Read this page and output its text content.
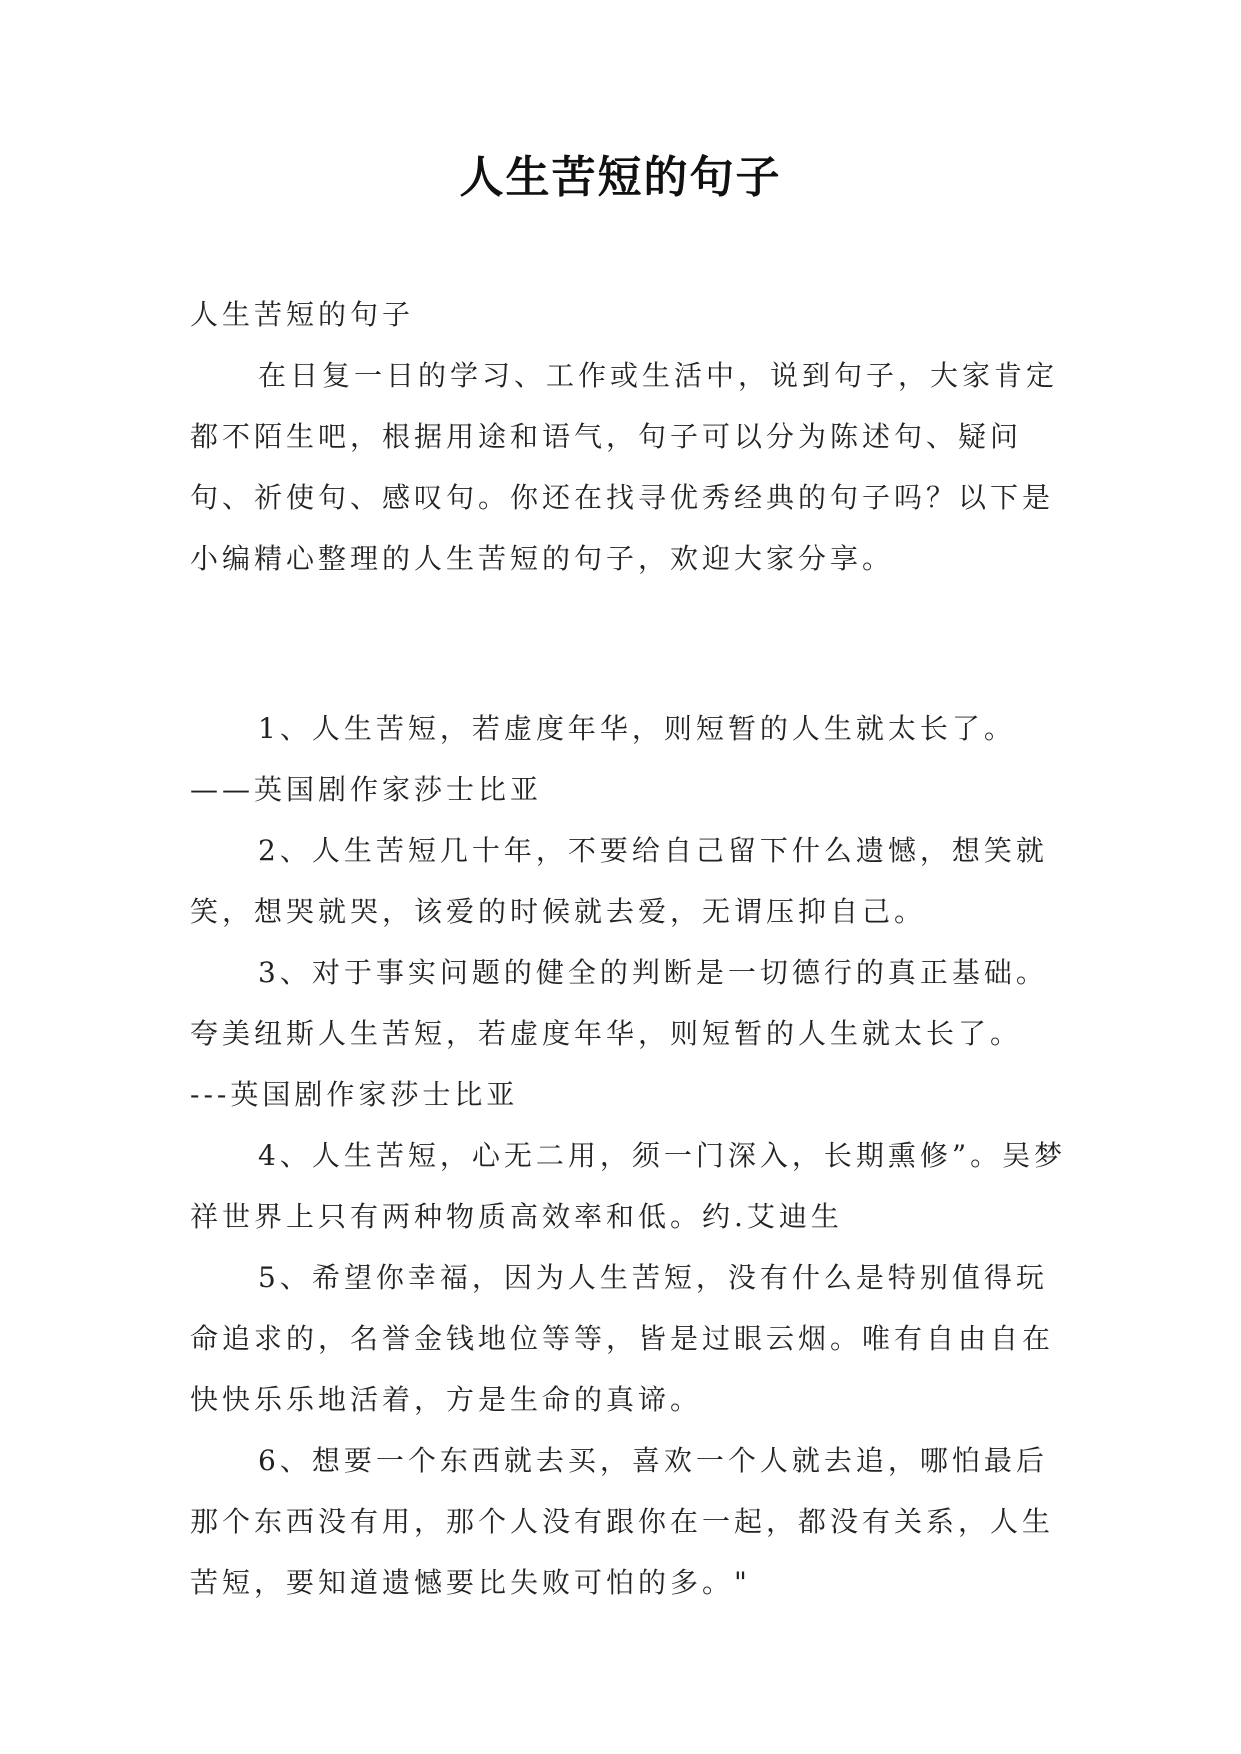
人生苦短的句子
人生苦短的句子

在日复一日的学习、工作或生活中，说到句子，大家肯定都不陌生吧，根据用途和语气，句子可以分为陈述句、疑问句、祈使句、感叹句。你还在找寻优秀经典的句子吗？以下是小编精心整理的人生苦短的句子，欢迎大家分享。

1、人生苦短，若虚度年华，则短暂的人生就太长了。
——英国剧作家莎士比亚

2、人生苦短几十年，不要给自己留下什么遗憾，想笑就笑，想哭就哭，该爱的时候就去爱，无谓压抑自己。

3、对于事实问题的健全的判断是一切德行的真正基础。夸美纽斯人生苦短，若虚度年华，则短暂的人生就太长了。
---英国剧作家莎士比亚

4、人生苦短，心无二用，须一门深入，长期熏修”。吴梦祥世界上只有两种物质高效率和低。约.艾迪生

5、希望你幸福，因为人生苦短，没有什么是特别值得玩命追求的，名誉金钱地位等等，皆是过眼云烟。唯有自由自在快快乐乐地活着，方是生命的真谛。

6、想要一个东西就去买，喜欢一个人就去追，哪怕最后那个东西没有用，那个人没有跟你在一起，都没有关系，人生苦短，要知道遗憾要比失败可怕的多。"
